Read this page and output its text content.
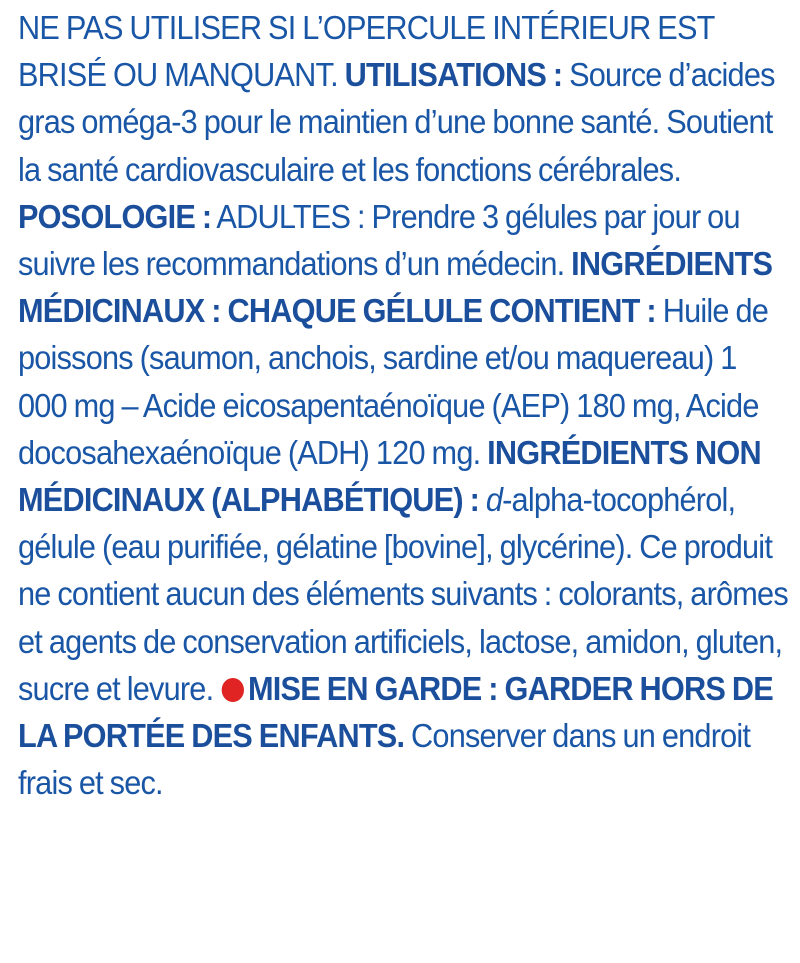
NE PAS UTILISER SI L’OPERCULE INTÉRIEUR EST BRISÉ OU MANQUANT. UTILISATIONS : Source d’acides gras oméga-3 pour le maintien d’une bonne santé. Soutient la santé cardiovasculaire et les fonctions cérébrales. POSOLOGIE : ADULTES : Prendre 3 gélules par jour ou suivre les recommandations d’un médecin. INGRÉDIENTS MÉDICINAUX : CHAQUE GÉLULE CONTIENT : Huile de poissons (saumon, anchois, sardine et/ou maquereau) 1 000 mg – Acide eicosapentaénoïque (AEP) 180 mg, Acide docosahexaénoïque (ADH) 120 mg. INGRÉDIENTS NON MÉDICINAUX (ALPHABÉTIQUE) : d-alpha-tocophérol, gélule (eau purifiée, gélatine [bovine], glycérine). Ce produit ne contient aucun des éléments suivants : colorants, arômes et agents de conservation artificiels, lactose, amidon, gluten, sucre et levure. MISE EN GARDE : GARDER HORS DE LA PORTÉE DES ENFANTS. Conserver dans un endroit frais et sec.
